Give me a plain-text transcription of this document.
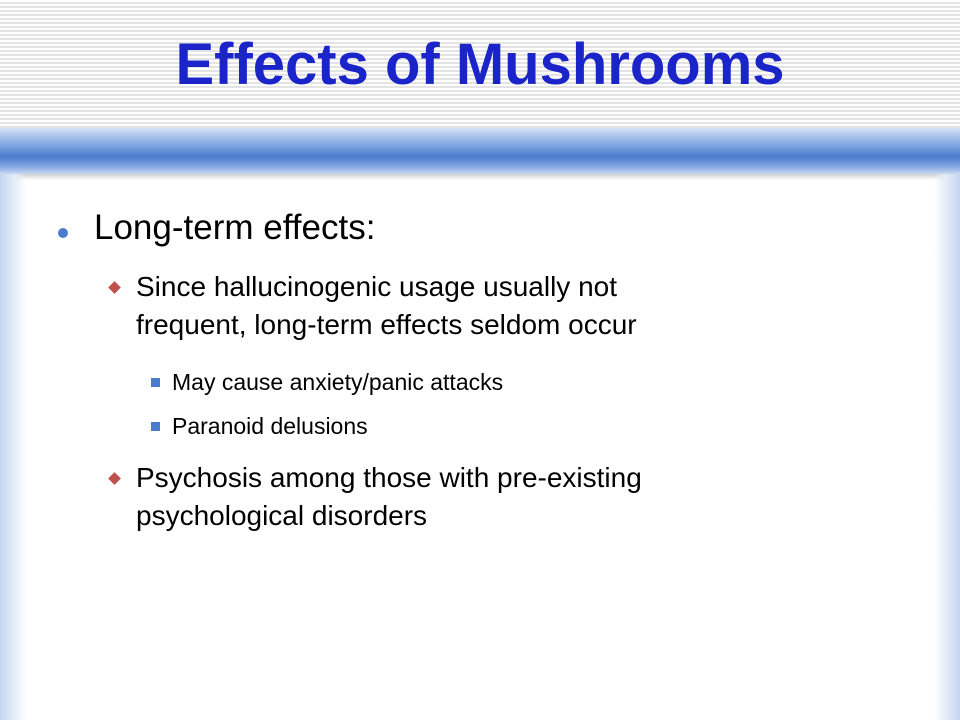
Effects of Mushrooms
Long-term effects:
Since hallucinogenic usage usually not
frequent, long-term effects seldom occur
May cause anxiety/panic attacks
Paranoid delusions
Psychosis among those with pre-existing
psychological disorders
